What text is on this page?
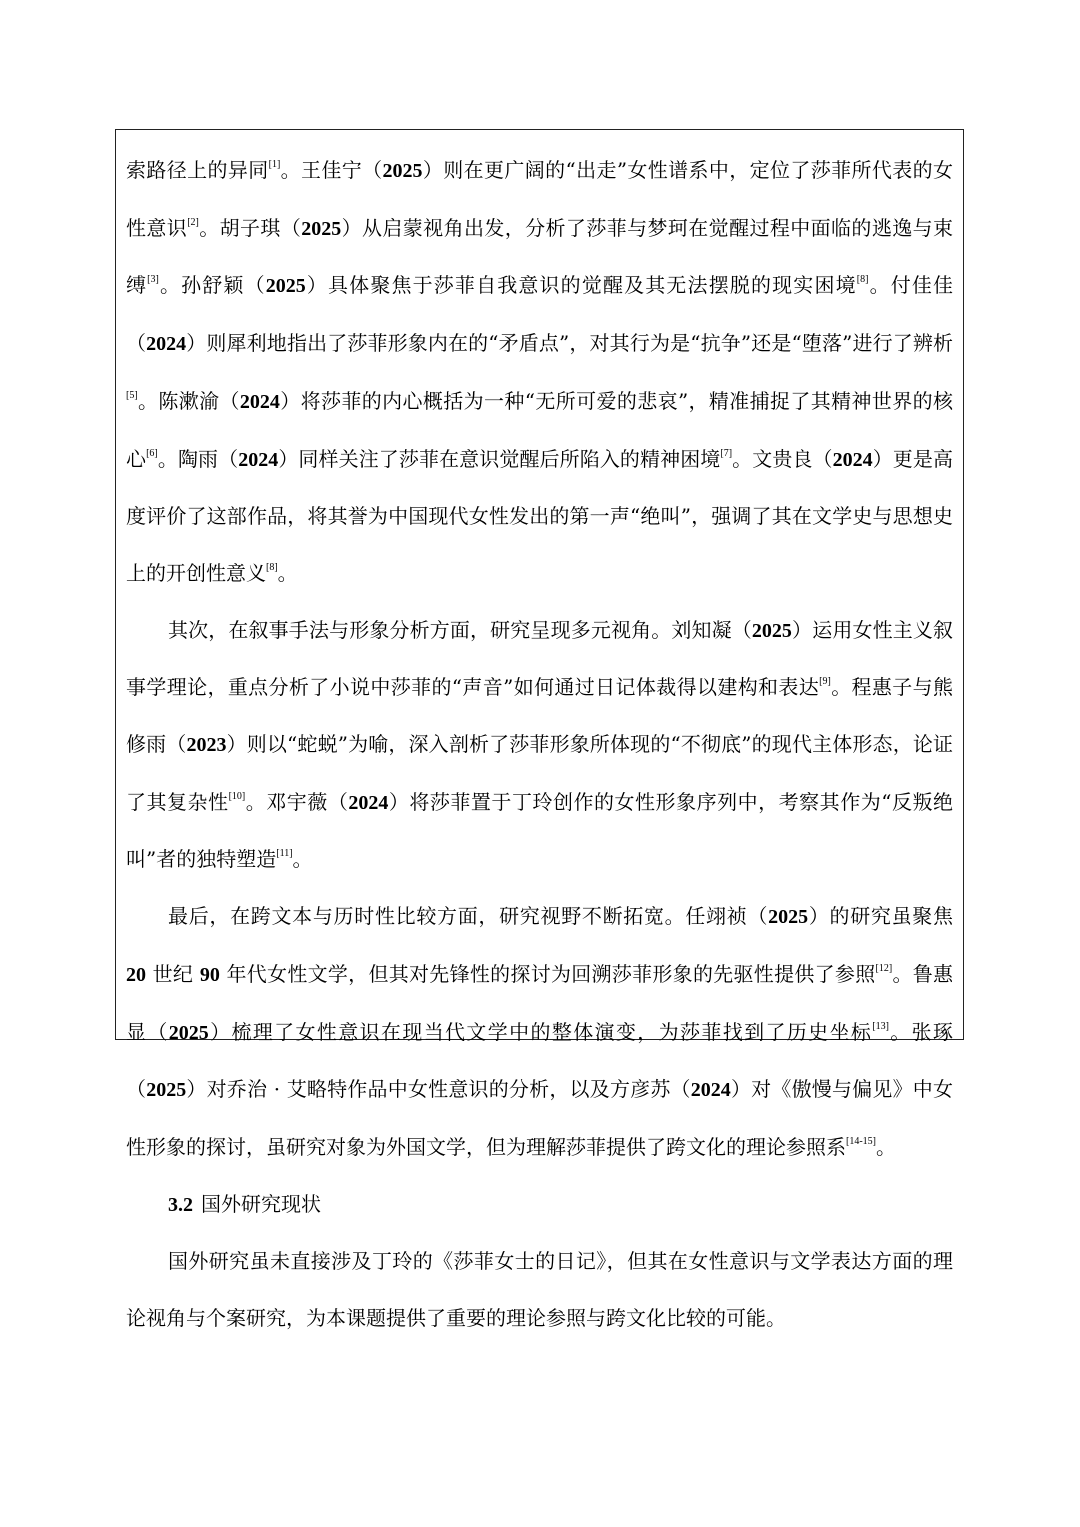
索路径上的异同[1]。王佳宁（2025）则在更广阔的“出走”女性谱系中，定位了莎菲所代表的女性意识[2]。胡子琪（2025）从启蒙视角出发，分析了莎菲与梦珂在觉醒过程中面临的逃逸与束缚[3]。孙舒颖（2025）具体聚焦于莎菲自我意识的觉醒及其无法摆脱的现实困境[8]。付佳佳（2024）则犀利地指出了莎菲形象内在的“矛盾点”，对其行为是“抗争”还是“堕落”进行了辨析[5]。陈漱渝（2024）将莎菲的内心概括为一种“无所可爱的悲哀”，精准捕捉了其精神世界的核心[6]。陶雨（2024）同样关注了莎菲在意识觉醒后所陷入的精神困境[7]。文贵良（2024）更是高度评价了这部作品，将其誉为中国现代女性发出的第一声“绝叫”，强调了其在文学史与思想史上的开创性意义[8]。

其次，在叙事手法与形象分析方面，研究呈现多元视角。刘知凝（2025）运用女性主义叙事学理论，重点分析了小说中莎菲的“声音”如何通过日记体裁得以建构和表达[9]。程惠子与熊修雨（2023）则以“蛇蜕”为喻，深入剖析了莎菲形象所体现的“不彻底”的现代主体形态，论证了其复杂性[10]。邓宇薇（2024）将莎菲置于丁玲创作的女性形象序列中，考察其作为“反叛绝叫”者的独特塑造[11]。

最后，在跨文本与历时性比较方面，研究视野不断拓宽。任翊祯（2025）的研究虽聚焦 20 世纪 90 年代女性文学，但其对先锋性的探讨为回溯莎菲形象的先驱性提供了参照[12]。鲁惠显（2025）梳理了女性意识在现当代文学中的整体演变，为莎菲找到了历史坐标[13]。张琢（2025）对乔治 · 艾略特作品中女性意识的分析，以及方彦苏（2024）对《傲慢与偏见》中女性形象的探讨，虽研究对象为外国文学，但为理解莎菲提供了跨文化的理论参照系[14-15]。

3.2 国外研究现状

国外研究虽未直接涉及丁玲的《莎菲女士的日记》，但其在女性意识与文学表达方面的理论视角与个案研究，为本课题提供了重要的理论参照与跨文化比较的可能。
